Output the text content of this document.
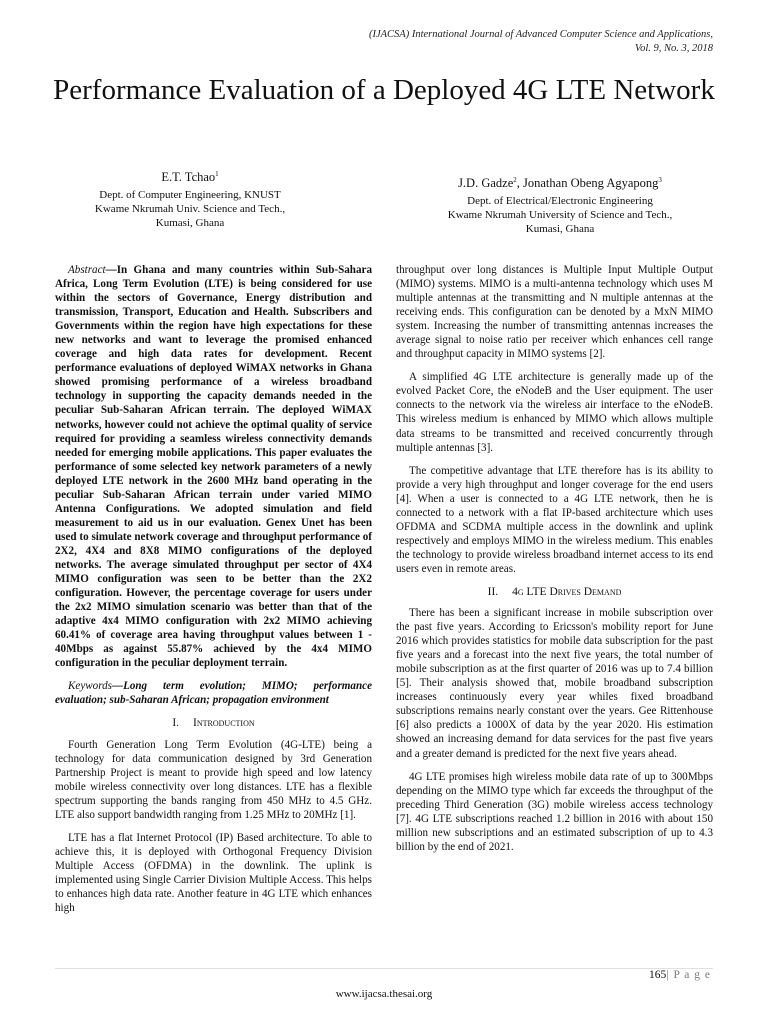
(IJACSA) International Journal of Advanced Computer Science and Applications,
Vol. 9, No. 3, 2018
Performance Evaluation of a Deployed 4G LTE Network
E.T. Tchao$^1$
Dept. of Computer Engineering, KNUST
Kwame Nkrumah Univ. Science and Tech.,
Kumasi, Ghana
J.D. Gadze$^2$, Jonathan Obeng Agyapong$^3$
Dept. of Electrical/Electronic Engineering
Kwame Nkrumah University of Science and Tech.,
Kumasi, Ghana

Abstract—In Ghana and many countries within Sub-Sahara Africa, Long Term Evolution (LTE) is being considered for use within the sectors of Governance, Energy distribution and transmission, Transport, Education and Health. Subscribers and Governments within the region have high expectations for these new networks and want to leverage the promised enhanced coverage and high data rates for development. Recent performance evaluations of deployed WiMAX networks in Ghana showed promising performance of a wireless broadband technology in supporting the capacity demands needed in the peculiar Sub-Saharan African terrain. The deployed WiMAX networks, however could not achieve the optimal quality of service required for providing a seamless wireless connectivity demands needed for emerging mobile applications. This paper evaluates the performance of some selected key network parameters of a newly deployed LTE network in the 2600 MHz band operating in the peculiar Sub-Saharan African terrain under varied MIMO Antenna Configurations. We adopted simulation and field measurement to aid us in our evaluation. Genex Unet has been used to simulate network coverage and throughput performance of 2X2, 4X4 and 8X8 MIMO configurations of the deployed networks. The average simulated throughput per sector of 4X4 MIMO configuration was seen to be better than the 2X2 configuration. However, the percentage coverage for users under the 2x2 MIMO simulation scenario was better than that of the adaptive 4x4 MIMO configuration with 2x2 MIMO achieving 60.41% of coverage area having throughput values between 1 - 40Mbps as against 55.87% achieved by the 4x4 MIMO configuration in the peculiar deployment terrain.

Keywords—Long term evolution; MIMO; performance evaluation; sub-Saharan African; propagation environment

I. Introduction

Fourth Generation Long Term Evolution (4G-LTE) being a technology for data communication designed by 3rd Generation Partnership Project is meant to provide high speed and low latency mobile wireless connectivity over long distances. LTE has a flexible spectrum supporting the bands ranging from 450 MHz to 4.5 GHz. LTE also support bandwidth ranging from 1.25 MHz to 20MHz [1].

LTE has a flat Internet Protocol (IP) Based architecture. To able to achieve this, it is deployed with Orthogonal Frequency Division Multiple Access (OFDMA) in the downlink. The uplink is implemented using Single Carrier Division Multiple Access. This helps to enhances high data rate. Another feature in 4G LTE which enhances high

throughput over long distances is Multiple Input Multiple Output (MIMO) systems. MIMO is a multi-antenna technology which uses M multiple antennas at the transmitting and N multiple antennas at the receiving ends. This configuration can be denoted by a MxN MIMO system. Increasing the number of transmitting antennas increases the average signal to noise ratio per receiver which enhances cell range and throughput capacity in MIMO systems [2].

A simplified 4G LTE architecture is generally made up of the evolved Packet Core, the eNodeB and the User equipment. The user connects to the network via the wireless air interface to the eNodeB. This wireless medium is enhanced by MIMO which allows multiple data streams to be transmitted and received concurrently through multiple antennas [3].

The competitive advantage that LTE therefore has is its ability to provide a very high throughput and longer coverage for the end users [4]. When a user is connected to a 4G LTE network, then he is connected to a network with a flat IP-based architecture which uses OFDMA and SCDMA multiple access in the downlink and uplink respectively and employs MIMO in the wireless medium. This enables the technology to provide wireless broadband internet access to its end users even in remote areas.

II. 4g LTE Drives Demand

There has been a significant increase in mobile subscription over the past five years. According to Ericsson's mobility report for June 2016 which provides statistics for mobile data subscription for the past five years and a forecast into the next five years, the total number of mobile subscription as at the first quarter of 2016 was up to 7.4 billion [5]. Their analysis showed that, mobile broadband subscription increases continuously every year whiles fixed broadband subscriptions remains nearly constant over the years. Gee Rittenhouse [6] also predicts a 1000X of data by the year 2020. His estimation showed an increasing demand for data services for the past five years and a greater demand is predicted for the next five years ahead.

4G LTE promises high wireless mobile data rate of up to 300Mbps depending on the MIMO type which far exceeds the throughput of the preceding Third Generation (3G) mobile wireless access technology [7]. 4G LTE subscriptions reached 1.2 billion in 2016 with about 150 million new subscriptions and an estimated subscription of up to 4.3 billion by the end of 2021.

165| P a g e
www.ijacsa.thesai.org
